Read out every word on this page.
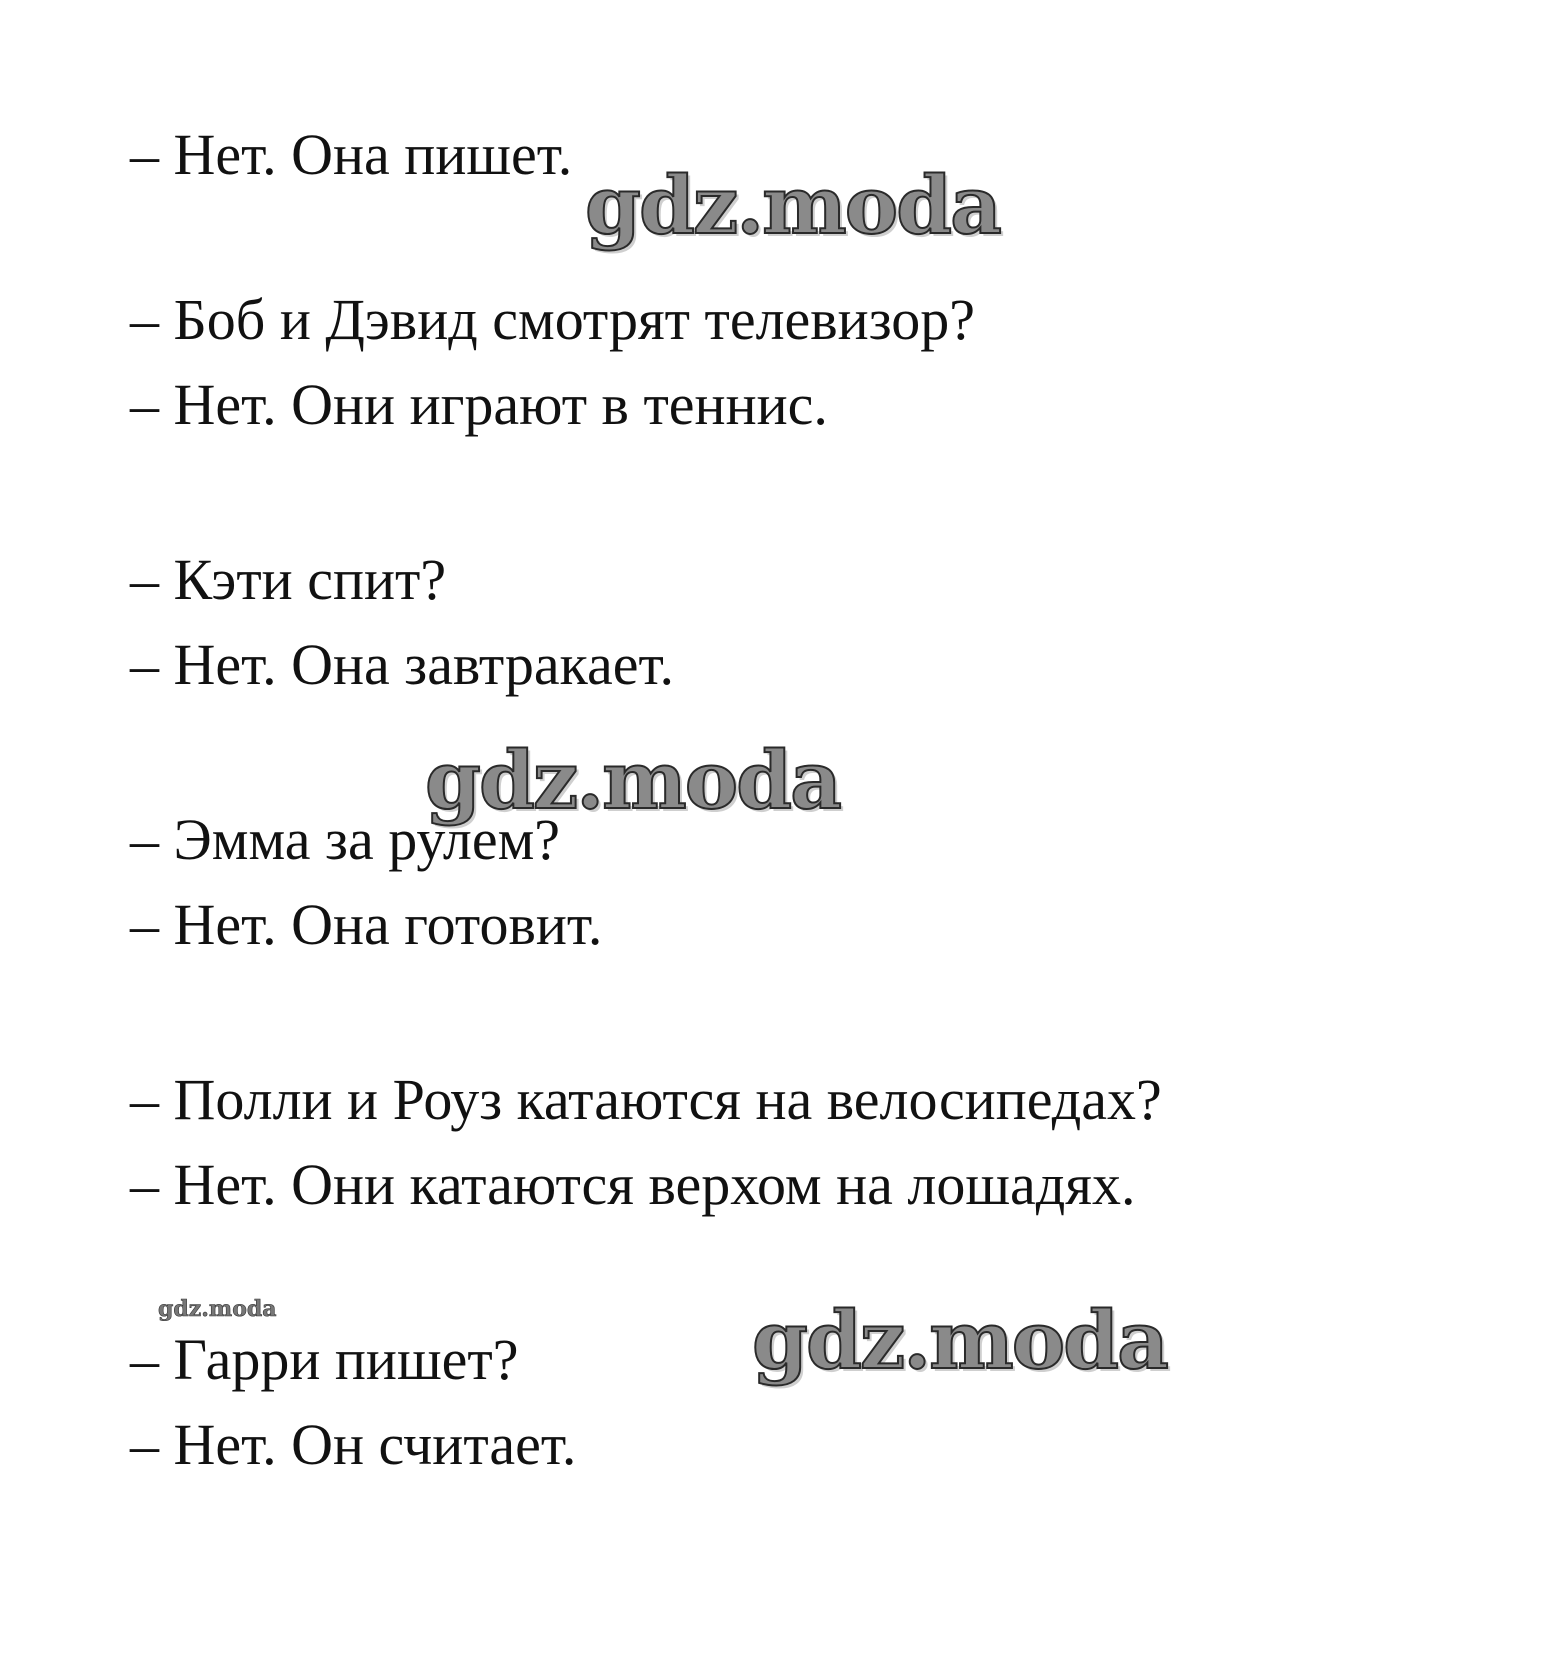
– Нет. Она пишет.
– Боб и Дэвид смотрят телевизор?
– Нет. Они играют в теннис.
– Кэти спит?
– Нет. Она завтракает.
– Эмма за рулем?
– Нет. Она готовит.
– Полли и Роуз катаются на велосипедах?
– Нет. Они катаются верхом на лошадях.
– Гарри пишет?
– Нет. Он считает.
gdz.moda
gdz.moda
gdz.moda
gdz.moda
